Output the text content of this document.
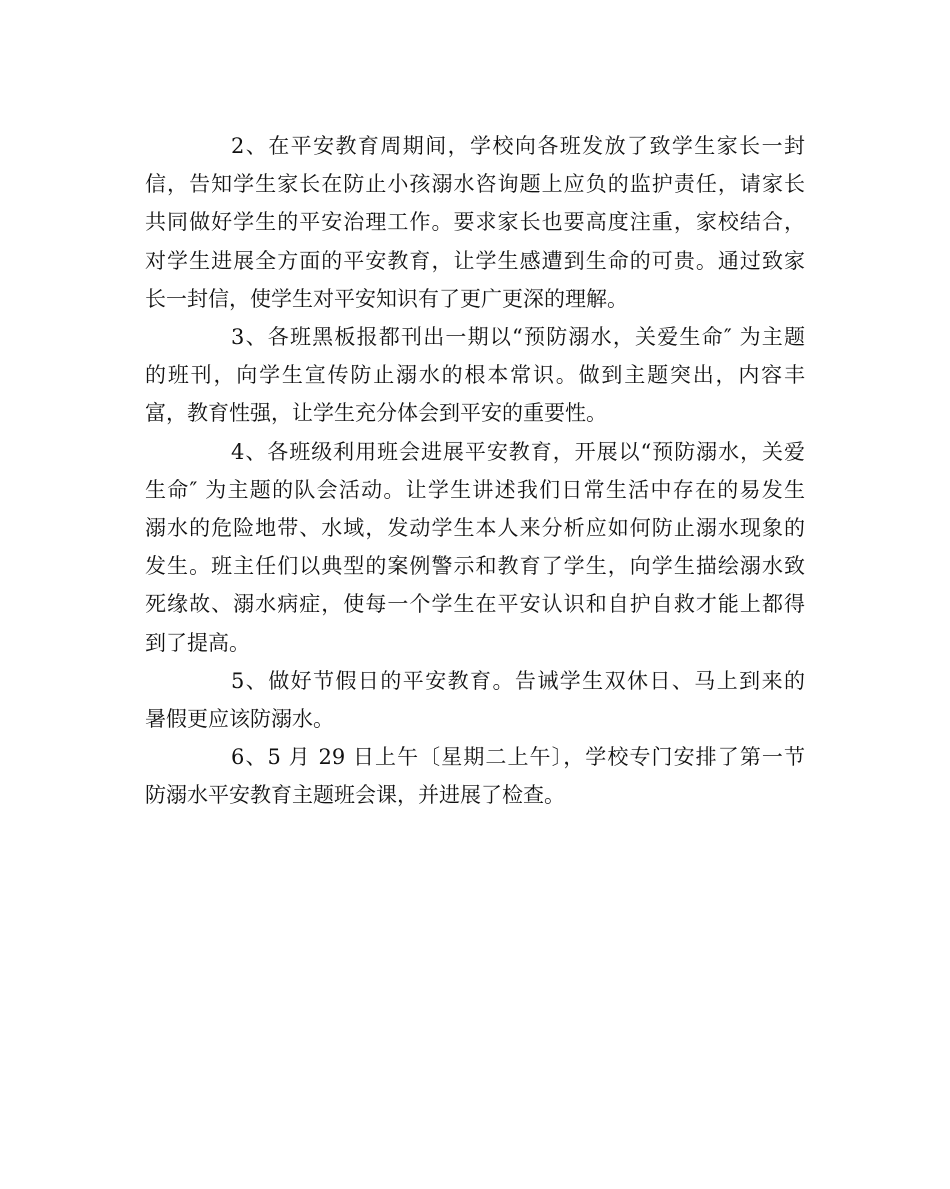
2、在平安教育周期间，学校向各班发放了致学生家长一封
信，告知学生家长在防止小孩溺水咨询题上应负的监护责任，请家长
共同做好学生的平安治理工作。要求家长也要高度注重，家校结合，
对学生进展全方面的平安教育，让学生感遭到生命的可贵。通过致家
长一封信，使学生对平安知识有了更广更深的理解。
3、各班黑板报都刊出一期以“预防溺水，关爱生命″ 为主题
的班刊，向学生宣传防止溺水的根本常识。做到主题突出，内容丰
富，教育性强，让学生充分体会到平安的重要性。
4、各班级利用班会进展平安教育，开展以“预防溺水，关爱
生命″ 为主题的队会活动。让学生讲述我们日常生活中存在的易发生
溺水的危险地带、水域，发动学生本人来分析应如何防止溺水现象的
发生。班主任们以典型的案例警示和教育了学生，向学生描绘溺水致
死缘故、溺水病症，使每一个学生在平安认识和自护自救才能上都得
到了提高。
5、做好节假日的平安教育。告诫学生双休日、马上到来的
暑假更应该防溺水。
6、5 月 29 日上午〔星期二上午〕，学校专门安排了第一节
防溺水平安教育主题班会课，并进展了检查。
